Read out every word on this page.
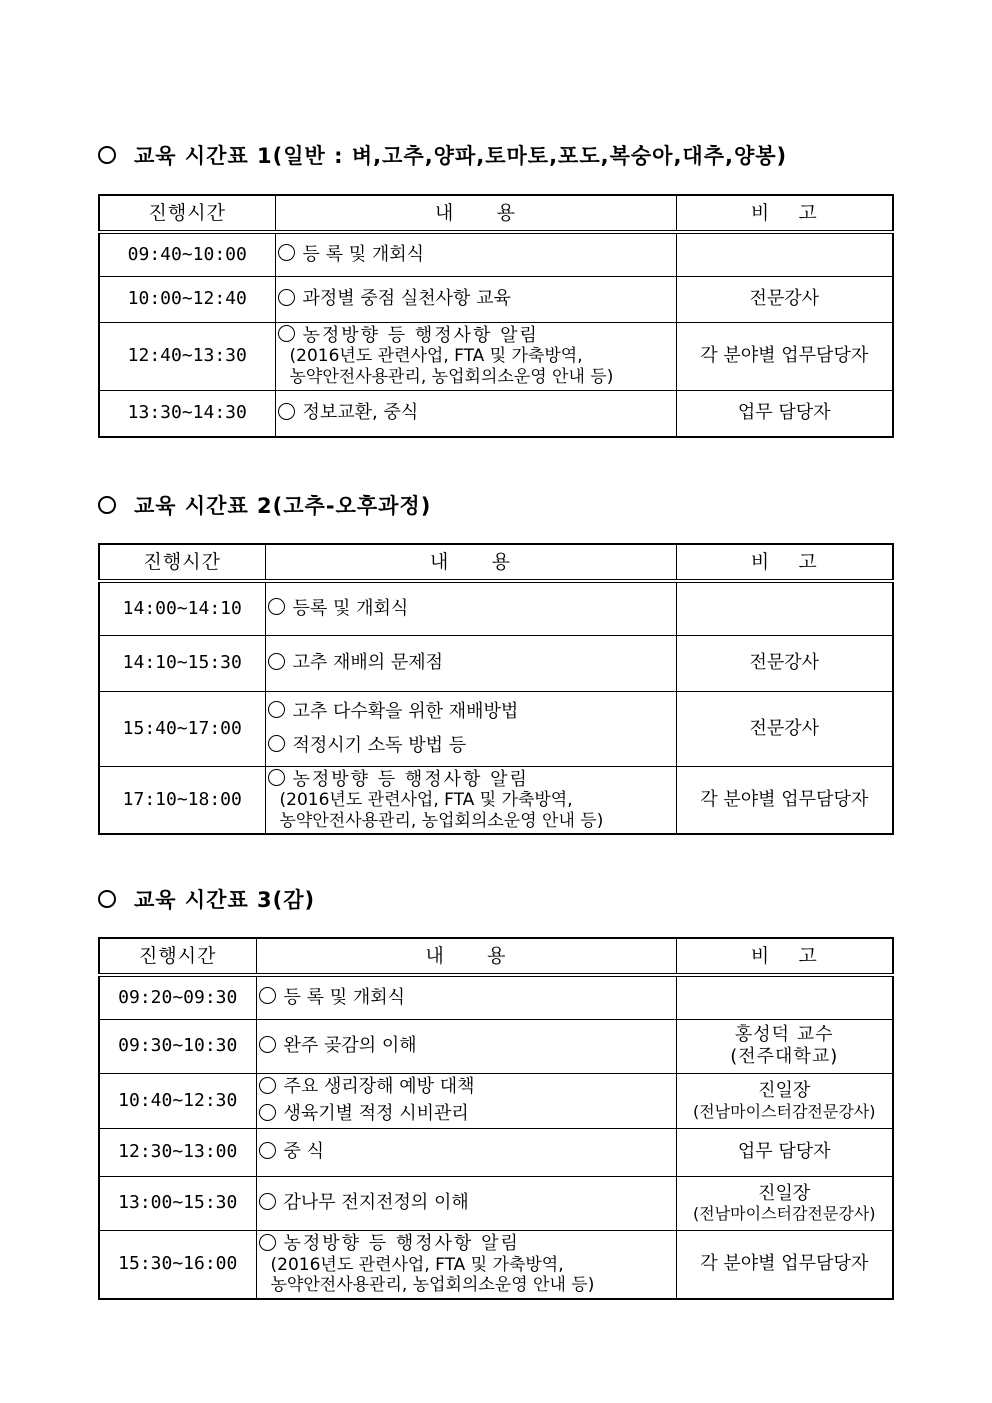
교육 시간표 1(일반 : 벼,고추,양파,토마토,포도,복숭아,대추,양봉)
진행시간	내      용	비    고
09:40~10:00	등 록 및 개회식	

10:00~12:40	과정별 중점 실천사항 교육	전문강사
12:40~13:30	농정방향 등 행정사항 알림
(2016년도 관련사업, FTA 및 가축방역,
농약안전사용관리, 농업회의소운영 안내 등)	각 분야별 업무담당자
13:30~14:30	정보교환, 중식	업무 담당자
교육 시간표 2(고추-오후과정)
진행시간	내      용	비    고
14:00~14:10	등록 및 개회식	

14:10~15:30	고추 재배의 문제점	전문강사
15:40~17:00	고추 다수확을 위한 재배방법
적정시기 소독 방법 등	전문강사
17:10~18:00	농정방향 등 행정사항 알림
(2016년도 관련사업, FTA 및 가축방역,
농약안전사용관리, 농업회의소운영 안내 등)	각 분야별 업무담당자
교육 시간표 3(감)
진행시간	내      용	비    고
09:20~09:30	등 록 및 개회식	

09:30~10:30	완주 곶감의 이해	홍성덕 교수
(전주대학교)

10:40~12:30	주요 생리장해 예방 대책
생육기별 적정 시비관리	진일장
(전남마이스터감전문강사)

12:30~13:00	중 식	업무 담당자
13:00~15:30	감나무 전지전정의 이해	진일장
(전남마이스터감전문강사)

15:30~16:00	농정방향 등 행정사항 알림
(2016년도 관련사업, FTA 및 가축방역,
농약안전사용관리, 농업회의소운영 안내 등)	각 분야별 업무담당자
